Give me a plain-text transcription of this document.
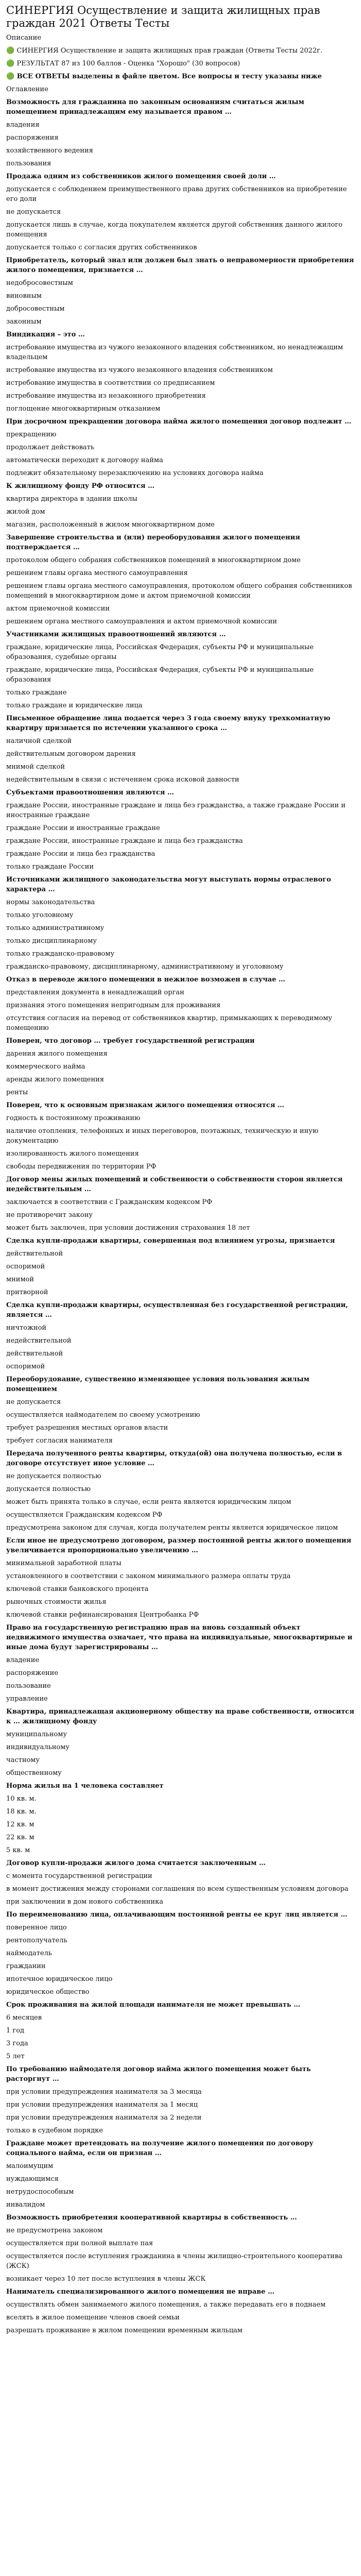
СИНЕРГИЯ Осуществление и защита жилищных прав граждан 2021 Ответы Тесты

Описание

🟢 СИНЕРГИЯ Осуществление и защита жилищных прав граждан (Ответы Тесты 2022г.

🟢 РЕЗУЛЬТАТ 87 из 100 баллов - Оценка "Хорошо" (30 вопросов)

🟢 ВСЕ ОТВЕТЫ выделены в файле цветом. Все вопросы и тесту указаны ниже

Оглавление

Возможность для гражданина по законным основаниям считаться жилым помещением принадлежащим ему называется правом …

владения

распоряжения

хозяйственного ведения

пользования

Продажа одним из собственников жилого помещения своей доли …

допускается с соблюдением преимущественного права других собственников на приобретение его доли

не допускается

допускается лишь в случае, когда покупателем является другой собственник данного жилого помещения

допускается только с согласия других собственников

Приобретатель, который знал или должен был знать о неправомерности приобретения жилого помещения, признается …

недобросовестным

виновным

добросовестным

законным

Виндикация – это …

истребование имущества из чужого незаконного владения собственником, но ненадлежащим владельцем

истребование имущества из чужого незаконного владения собственником

истребование имущества в соответствии со предписанием

истребование имущества из незаконного приобретения

поглощение многоквартирным отказанием

При досрочном прекращении договора найма жилого помещения договор подлежит …

прекращению

продолжает действовать

автоматически переходит к договору найма

подлежит обязательному перезаключению на условиях договора найма

К жилищному фонду РФ относится …

квартира директора в здании школы

жилой дом

магазин, расположенный в жилом многоквартирном доме

Завершение строительства и (или) переоборудования жилого помещения подтверждается …

протоколом общего собрания собственников помещений в многоквартирном доме

решением главы органа местного самоуправления

решением главы органа местного самоуправления, протоколом общего собрания собственников помещений в многоквартирном доме и актом приемочной комиссии

актом приемочной комиссии

решением органа местного самоуправления и актом приемочной комиссии

Участниками жилищных правоотношений являются …

граждане, юридические лица, Российская Федерация, субъекты РФ и муниципальные образования, судебные органы

граждане, юридические лица, Российская Федерация, субъекты РФ и муниципальные образования

только граждане

только граждане и юридические лица

Письменное обращение лица подается через 3 года своему внуку трехкомнатную квартиру признается по истечении указанного срока …

наличной сделкой

действительным договором дарения

мнимой сделкой

недействительным в связи с истечением срока исковой давности

Субъектами правоотношения являются …

граждане России, иностранные граждане и лица без гражданства, а также граждане России и иностранные граждане

граждане России и иностранные граждане

граждане России, иностранные граждане и лица без гражданства

граждане России и лица без гражданства

только граждане России

Источниками жилищного законодательства могут выступать нормы отраслевого характера …

нормы законодательства

только уголовному

только административному

только дисциплинарному

только гражданско-правовому

гражданско-правовому, дисциплинарному, административному и уголовному

Отказ в переводе жилого помещения в нежилое возможен в случае …

представления документа в ненадлежащий орган

признания этого помещения непригодным для проживания

отсутствия согласия на перевод от собственников квартир, примыкающих к переводимому помещению

Поверен, что договор … требует государственной регистрации

дарения жилого помещения

коммерческого найма

аренды жилого помещения

ренты

Поверен, что к основным признакам жилого помещения относятся …

годность к постоянному проживанию

наличие отопления, телефонных и иных переговоров, поэтажных, техническую и иную документацию

изолированность жилого помещения

свободы передвижения по территории РФ

Договор мены жилых помещений и собственности о собственности сторон является недействительным …

заключается в соответствии с Гражданским кодексом РФ

не противоречит закону

может быть заключен, при условии достижения страхования 18 лет

Сделка купли-продажи квартиры, совершенная под влиянием угрозы, признается

действительной

оспоримой

мнимой

притворной

Сделка купли-продажи квартиры, осуществленная без государственной регистрации, является …

ничтожной

недействительной

действительной

оспоримой

Переоборудование, существенно изменяющее условия пользования жилым помещением

не допускается

осуществляется наймодателем по своему усмотрению

требует разрешения местных органов власти

требует согласия нанимателя

Передача полученного ренты квартиры, откуда(ой) она получена полностью, если в договоре отсутствует иное условие …

не допускается полностью

допускается полностью

может быть принята только в случае, если рента является юридическим лицом

осуществляется Гражданским кодексом РФ

предусмотрена законом для случая, когда получателем ренты является юридическое лицом

Если иное не предусмотрено договором, размер постоянной ренты жилого помещения увеличивается пропорционально увеличению …

минимальной заработной платы

установленного в соответствии с законом минимального размера оплаты труда

ключевой ставки банковского процента

рыночных стоимости жилья

ключевой ставки рефинансирования Центробанка РФ

Право на государственную регистрацию прав на вновь созданный объект недвижимого имущества означает, что права на индивидуальные, многоквартирные и иные дома будут зарегистрированы …

владение

распоряжение

пользование

управление

Квартира, принадлежащая акционерному обществу на праве собственности, относится к … жилищному фонду

муниципальному

индивидуальному

частному

общественному

Норма жилья на 1 человека составляет

10 кв. м.

18 кв. м.

12 кв. м

22 кв. м

5 кв. м

Договор купли-продажи жилого дома считается заключенным …

с момента государственной регистрации

в момент достижения между сторонами соглашения по всем существенным условиям договора

при заключении в дом нового собственника

По переименованию лица, оплачивающим постоянной ренты ее круг лиц является …

поверенное лицо

рентополучатель

наймодатель

гражданин

ипотечное юридическое лицо

юридическое общество

Срок проживания на жилой площади нанимателя не может превышать …

6 месяцев

1 год

3 года

5 лет

По требованию наймодателя договор найма жилого помещения может быть расторгнут …

при условии предупреждения нанимателя за 3 месяца

при условии предупреждения нанимателя за 1 месяц

при условии предупреждения нанимателя за 2 недели

только в судебном порядке

Граждане может претендовать на получение жилого помещения по договору социального найма, если он признан …

малоимущим

нуждающимся

нетрудоспособным

инвалидом

Возможность приобретения кооперативной квартиры в собственность …

не предусмотрена законом

осуществляется при полной выплате пая

осуществляется после вступления гражданина в члены жилищно-строительного кооператива (ЖСК)

возникает через 10 лет после вступления в члены ЖСК

Наниматель специализированного жилого помещения не вправе …

осуществлять обмен занимаемого жилого помещения, а также передавать его в поднаем

вселять в жилое помещение членов своей семьи

разрешать проживание в жилом помещении временным жильцам
